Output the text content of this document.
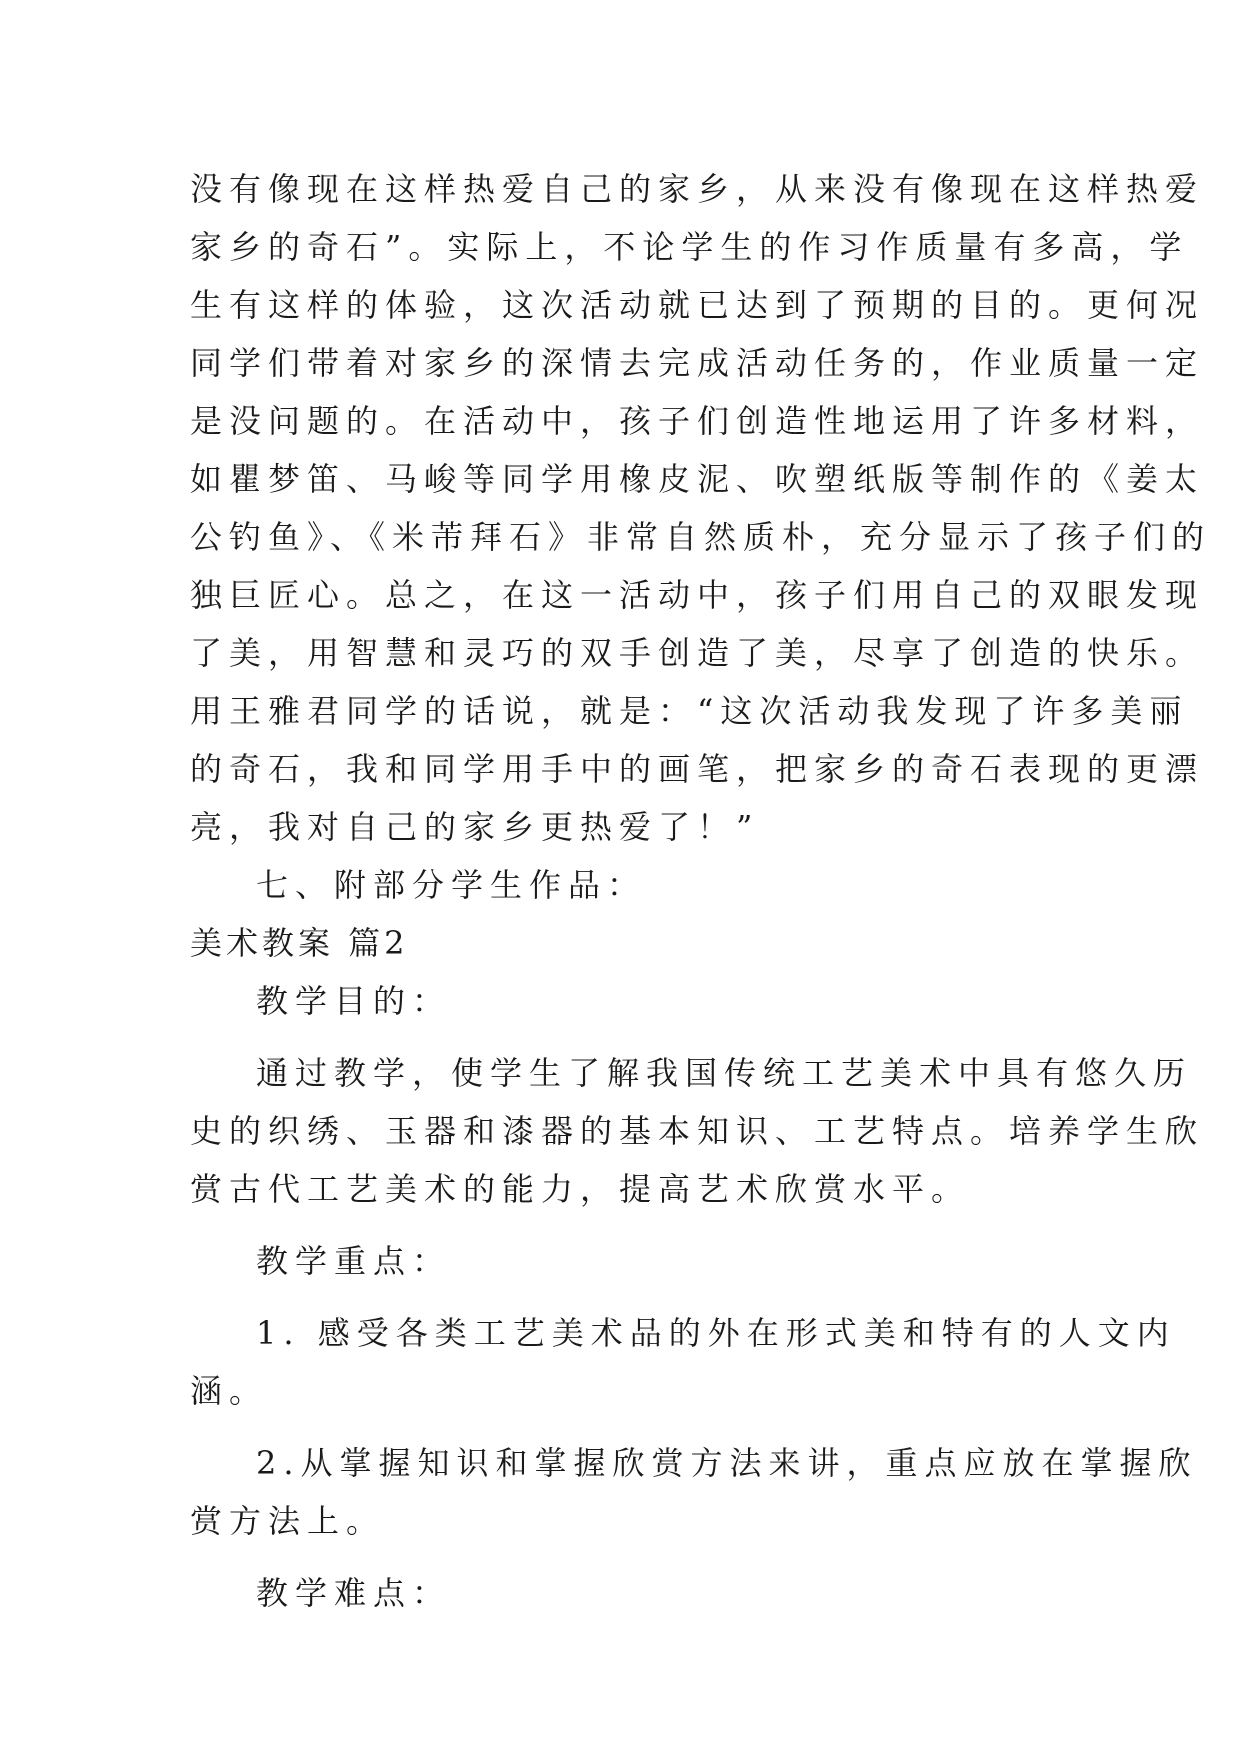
没有像现在这样热爱自己的家乡，从来没有像现在这样热爱
家乡的奇石”。实际上，不论学生的作习作质量有多高，学
生有这样的体验，这次活动就已达到了预期的目的。更何况
同学们带着对家乡的深情去完成活动任务的，作业质量一定
是没问题的。在活动中，孩子们创造性地运用了许多材料，
如瞿梦笛、马峻等同学用橡皮泥、吹塑纸版等制作的《姜太
公钓鱼》、《米芾拜石》非常自然质朴，充分显示了孩子们的
独巨匠心。总之，在这一活动中，孩子们用自己的双眼发现
了美，用智慧和灵巧的双手创造了美，尽享了创造的快乐。
用王雅君同学的话说，就是：“这次活动我发现了许多美丽
的奇石，我和同学用手中的画笔，把家乡的奇石表现的更漂
亮，我对自己的家乡更热爱了！”
七、附部分学生作品：
美术教案 篇2
教学目的：
通过教学，使学生了解我国传统工艺美术中具有悠久历
史的织绣、玉器和漆器的基本知识、工艺特点。培养学生欣
赏古代工艺美术的能力，提高艺术欣赏水平。
教学重点：
1. 感受各类工艺美术品的外在形式美和特有的人文内
涵。
2.从掌握知识和掌握欣赏方法来讲，重点应放在掌握欣
赏方法上。
教学难点：
